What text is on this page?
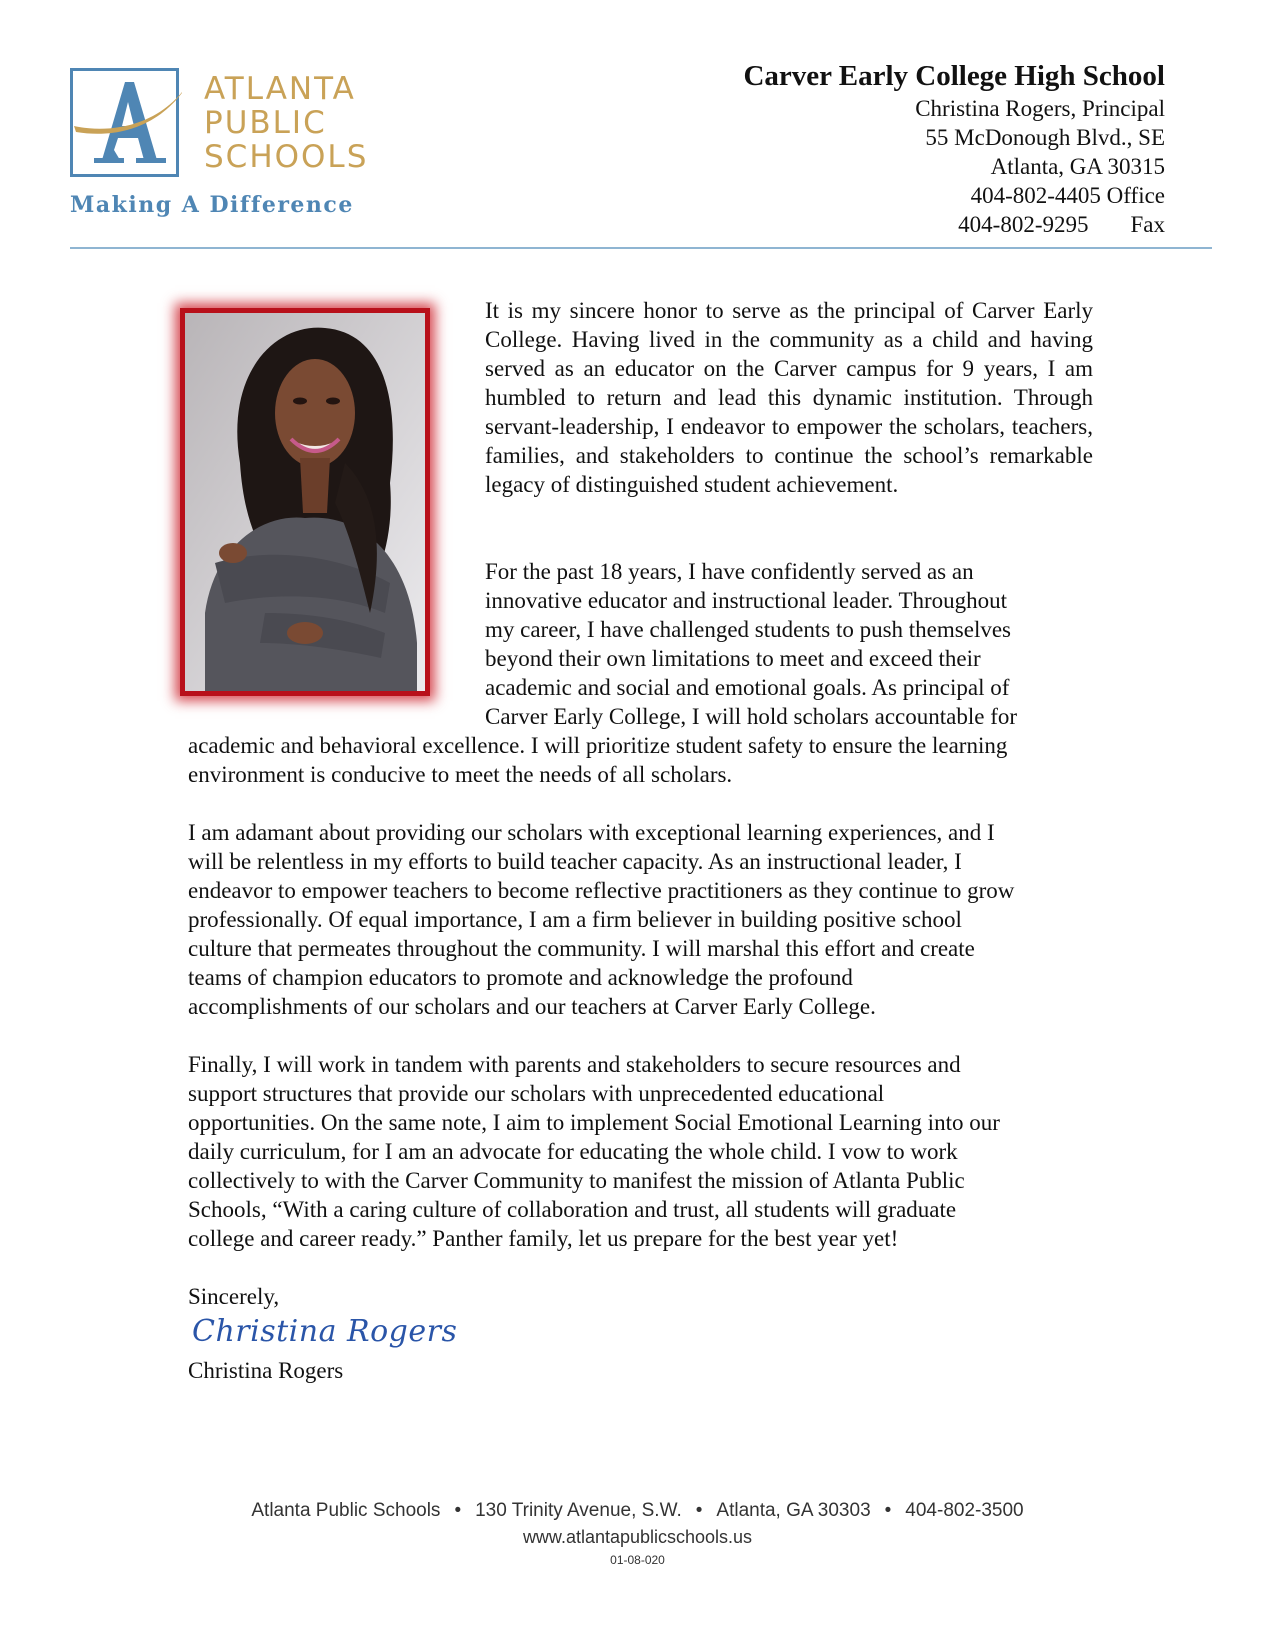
ATLANTA
PUBLIC
SCHOOLS
Making A Difference
Carver Early College High School
Christina Rogers, Principal
55 McDonough Blvd., SE
Atlanta, GA 30315
404-802-4405 Office
404-802-9295 Fax
It is my sincere honor to serve as the principal of Carver Early College. Having lived in the community as a child and having served as an educator on the Carver campus for 9 years, I am humbled to return and lead this dynamic institution. Through servant-leadership, I endeavor to empower the scholars, teachers, families, and stakeholders to continue the school’s remarkable legacy of distinguished student achievement.
For the past 18 years, I have confidently served as an
innovative educator and instructional leader. Throughout
my career, I have challenged students to push themselves
beyond their own limitations to meet and exceed their
academic and social and emotional goals. As principal of
Carver Early College, I will hold scholars accountable for
academic and behavioral excellence. I will prioritize student safety to ensure the learning
environment is conducive to meet the needs of all scholars.
I am adamant about providing our scholars with exceptional learning experiences, and I
will be relentless in my efforts to build teacher capacity. As an instructional leader, I
endeavor to empower teachers to become reflective practitioners as they continue to grow
professionally. Of equal importance, I am a firm believer in building positive school
culture that permeates throughout the community. I will marshal this effort and create
teams of champion educators to promote and acknowledge the profound
accomplishments of our scholars and our teachers at Carver Early College.
Finally, I will work in tandem with parents and stakeholders to secure resources and
support structures that provide our scholars with unprecedented educational
opportunities. On the same note, I aim to implement Social Emotional Learning into our
daily curriculum, for I am an advocate for educating the whole child. I vow to work
collectively to with the Carver Community to manifest the mission of Atlanta Public
Schools, “With a caring culture of collaboration and trust, all students will graduate
college and career ready.” Panther family, let us prepare for the best year yet!
Sincerely,
Christina Rogers
Christina Rogers
Atlanta Public Schools • 130 Trinity Avenue, S.W. • Atlanta, GA 30303 • 404-802-3500
www.atlantapublicschools.us
01-08-020
